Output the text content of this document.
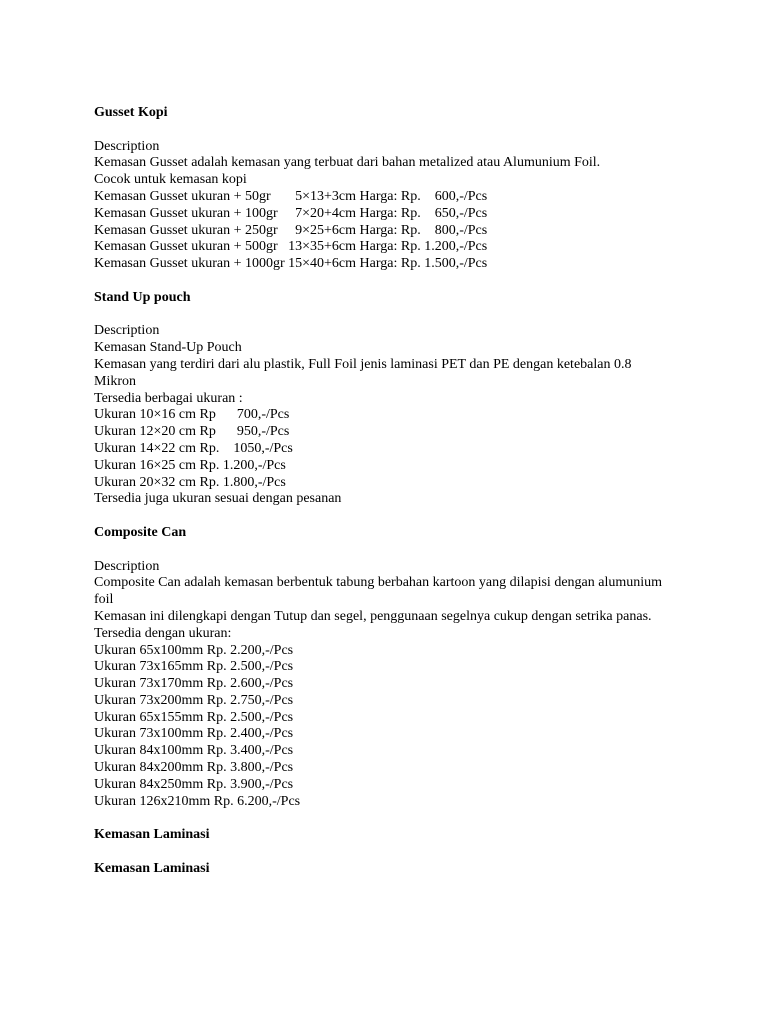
Gusset Kopi

Description

Kemasan Gusset adalah kemasan yang terbuat dari bahan metalized atau Alumunium Foil.

Cocok untuk kemasan kopi

Kemasan Gusset ukuran + 50gr       5×13+3cm Harga: Rp.    600,-/Pcs

Kemasan Gusset ukuran + 100gr     7×20+4cm Harga: Rp.    650,-/Pcs

Kemasan Gusset ukuran + 250gr     9×25+6cm Harga: Rp.    800,-/Pcs

Kemasan Gusset ukuran + 500gr   13×35+6cm Harga: Rp. 1.200,-/Pcs

Kemasan Gusset ukuran + 1000gr 15×40+6cm Harga: Rp. 1.500,-/Pcs

Stand Up pouch

Description

Kemasan Stand-Up Pouch

Kemasan yang terdiri dari alu plastik, Full Foil jenis laminasi PET dan PE dengan ketebalan 0.8 Mikron

Tersedia berbagai ukuran :

Ukuran 10×16 cm Rp      700,-/Pcs

Ukuran 12×20 cm Rp      950,-/Pcs

Ukuran 14×22 cm Rp.    1050,-/Pcs

Ukuran 16×25 cm Rp. 1.200,-/Pcs

Ukuran 20×32 cm Rp. 1.800,-/Pcs

Tersedia juga ukuran sesuai dengan pesanan

Composite Can

Description

Composite Can adalah kemasan berbentuk tabung berbahan kartoon yang dilapisi dengan alumunium foil

Kemasan ini dilengkapi dengan Tutup dan segel, penggunaan segelnya cukup dengan setrika panas.

Tersedia dengan ukuran:

Ukuran 65x100mm Rp. 2.200,-/Pcs

Ukuran 73x165mm Rp. 2.500,-/Pcs

Ukuran 73x170mm Rp. 2.600,-/Pcs

Ukuran 73x200mm Rp. 2.750,-/Pcs

Ukuran 65x155mm Rp. 2.500,-/Pcs

Ukuran 73x100mm Rp. 2.400,-/Pcs

Ukuran 84x100mm Rp. 3.400,-/Pcs

Ukuran 84x200mm Rp. 3.800,-/Pcs

Ukuran 84x250mm Rp. 3.900,-/Pcs

Ukuran 126x210mm Rp. 6.200,-/Pcs

Kemasan Laminasi
Kemasan Laminasi
